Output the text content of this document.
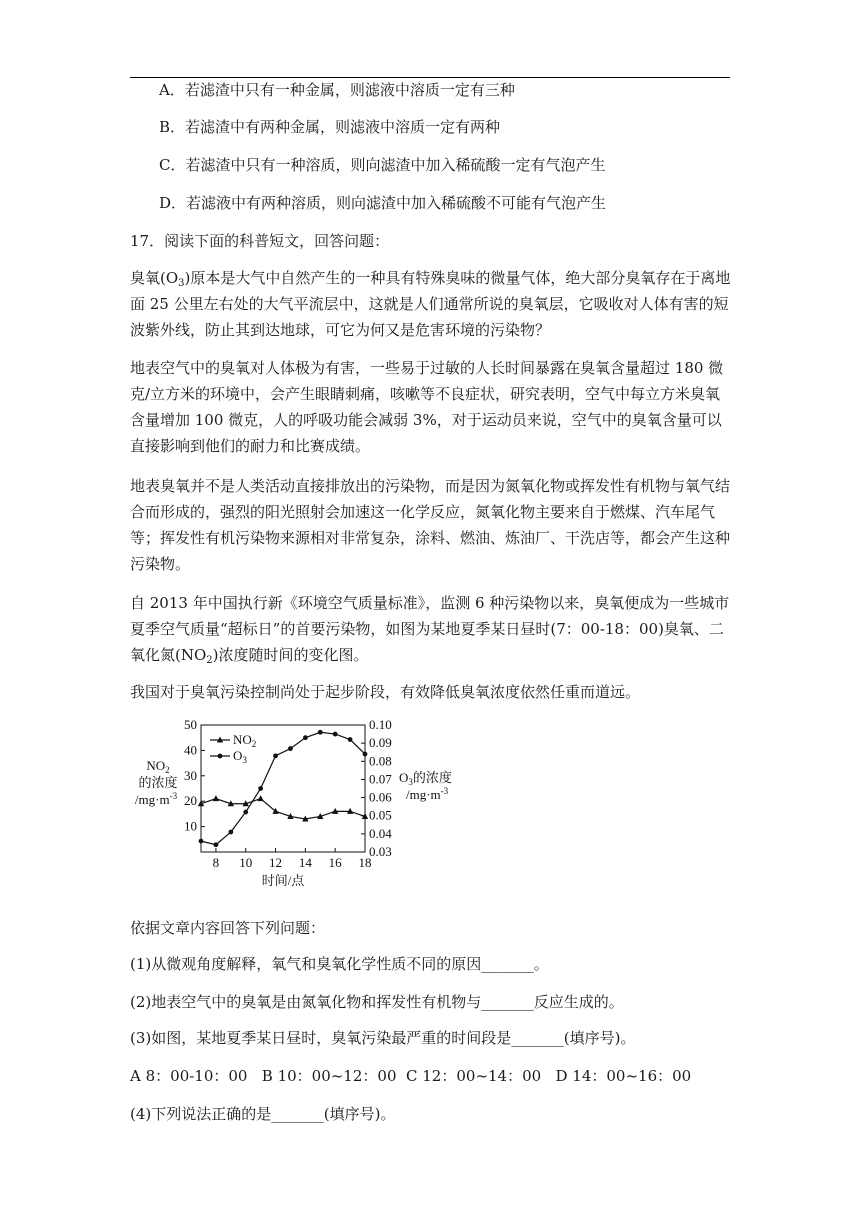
A．若滤渣中只有一种金属，则滤液中溶质一定有三种
B．若滤渣中有两种金属，则滤液中溶质一定有两种
C．若滤渣中只有一种溶质，则向滤渣中加入稀硫酸一定有气泡产生
D．若滤液中有两种溶质，则向滤渣中加入稀硫酸不可能有气泡产生
17．阅读下面的科普短文，回答问题：
臭氧$(O_3)$原本是大气中自然产生的一种具有特殊臭味的微量气体，绝大部分臭氧存在于离地面 25 公里左右处的大气平流层中，这就是人们通常所说的臭氧层，它吸收对人体有害的短波紫外线，防止其到达地球，可它为何又是危害环境的污染物？
地表空气中的臭氧对人体极为有害，一些易于过敏的人长时间暴露在臭氧含量超过 180 微克/立方米的环境中，会产生眼睛刺痛，咳嗽等不良症状，研究表明，空气中每立方米臭氧含量增加 100 微克，人的呼吸功能会减弱 3%，对于运动员来说，空气中的臭氧含量可以直接影响到他们的耐力和比赛成绩。
地表臭氧并不是人类活动直接排放出的污染物，而是因为氮氧化物或挥发性有机物与氧气结合而形成的，强烈的阳光照射会加速这一化学反应，氮氧化物主要来自于燃煤、汽车尾气等；挥发性有机污染物来源相对非常复杂，涂料、燃油、炼油厂、干洗店等，都会产生这种污染物。
自 2013 年中国执行新《环境空气质量标准》，监测 6 种污染物以来，臭氧便成为一些城市夏季空气质量“超标日”的首要污染物，如图为某地夏季某日昼时(7：00-18：00)臭氧、二氧化氮$(NO_2)$浓度随时间的变化图。
我国对于臭氧污染控制尚处于起步阶段，有效降低臭氧浓度依然任重而道远。
8 10 12 14 16 18
时间/点
10
20
30
40
50
0.03
0.04
0.05
0.06
0.07
0.08
0.09
0.10
$NO_2$
的浓度
$/mg\cdot m^{-3}$
$O_3$的浓度
$/mg\cdot m^{-3}$
$NO_2$
$O_3$
依据文章内容回答下列问题：
(1)从微观角度解释，氧气和臭氧化学性质不同的原因_______。
(2)地表空气中的臭氧是由氮氧化物和挥发性有机物与_______反应生成的。
(3)如图，某地夏季某日昼时，臭氧污染最严重的时间段是_______(填序号)。
A 8：00-10：00   B 10：00~12：00  C 12：00~14：00   D 14：00~16：00
(4)下列说法正确的是_______(填序号)。
